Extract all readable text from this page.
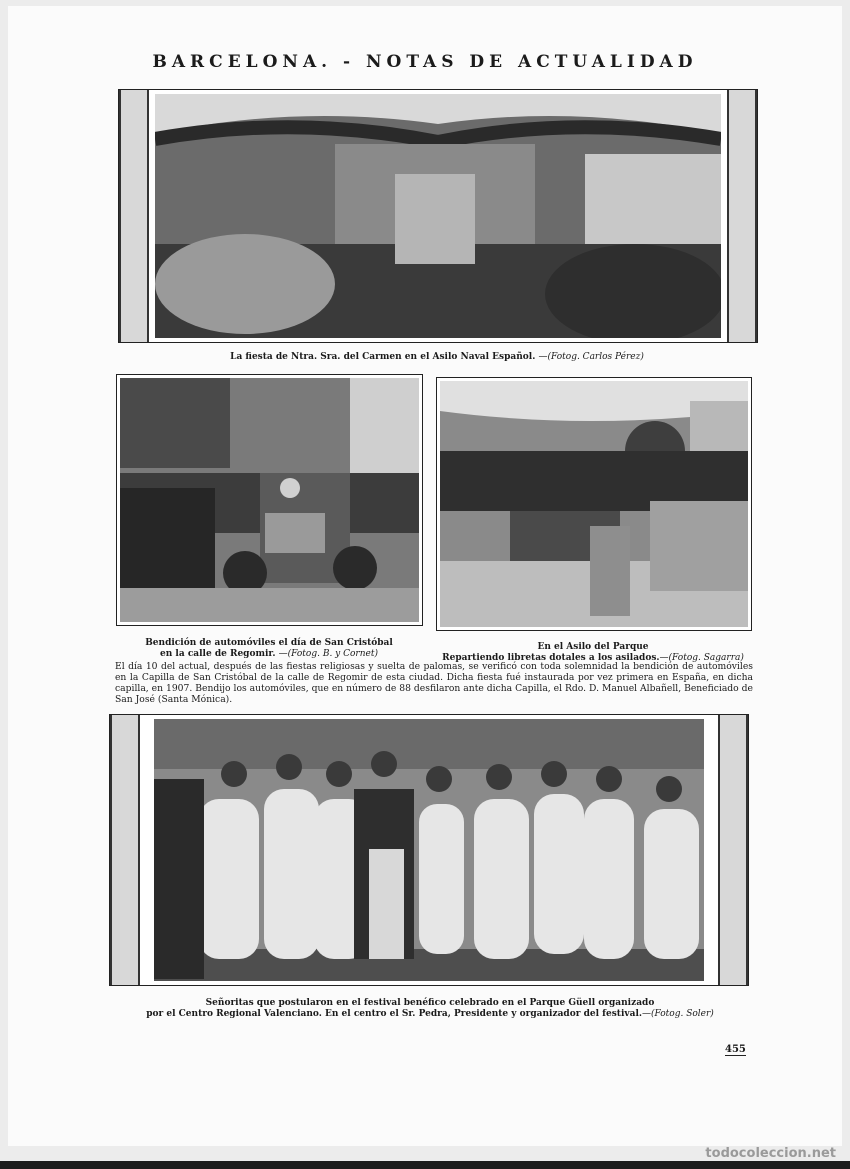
BARCELONA. - NOTAS DE ACTUALIDAD
La fiesta de Ntra. Sra. del Carmen en el Asilo Naval Español. —(Fotog. Carlos Pérez)
Bendición de automóviles el día de San Cristóbal
en la calle de Regomir. —(Fotog. B. y Cornet)
En el Asilo del Parque
Repartiendo libretas dotales a los asilados.—(Fotog. Sagarra)
El día 10 del actual, después de las fiestas religiosas y suelta de palomas, se verificó con toda solemnidad la bendición de automóviles en la Capilla de San Cristóbal de la calle de Regomir de esta ciudad. Dicha fiesta fué instaurada por vez primera en España, en dicha capilla, en 1907. Bendijo los automóviles, que en número de 88 desfilaron ante dicha Capilla, el Rdo. D. Manuel Albañell, Beneficiado de San José (Santa Mónica).
Señoritas que postularon en el festival benéfico celebrado en el Parque Güell organizado
por el Centro Regional Valenciano. En el centro el Sr. Pedra, Presidente y organizador del festival.—(Fotog. Soler)
455
todocoleccion.net
